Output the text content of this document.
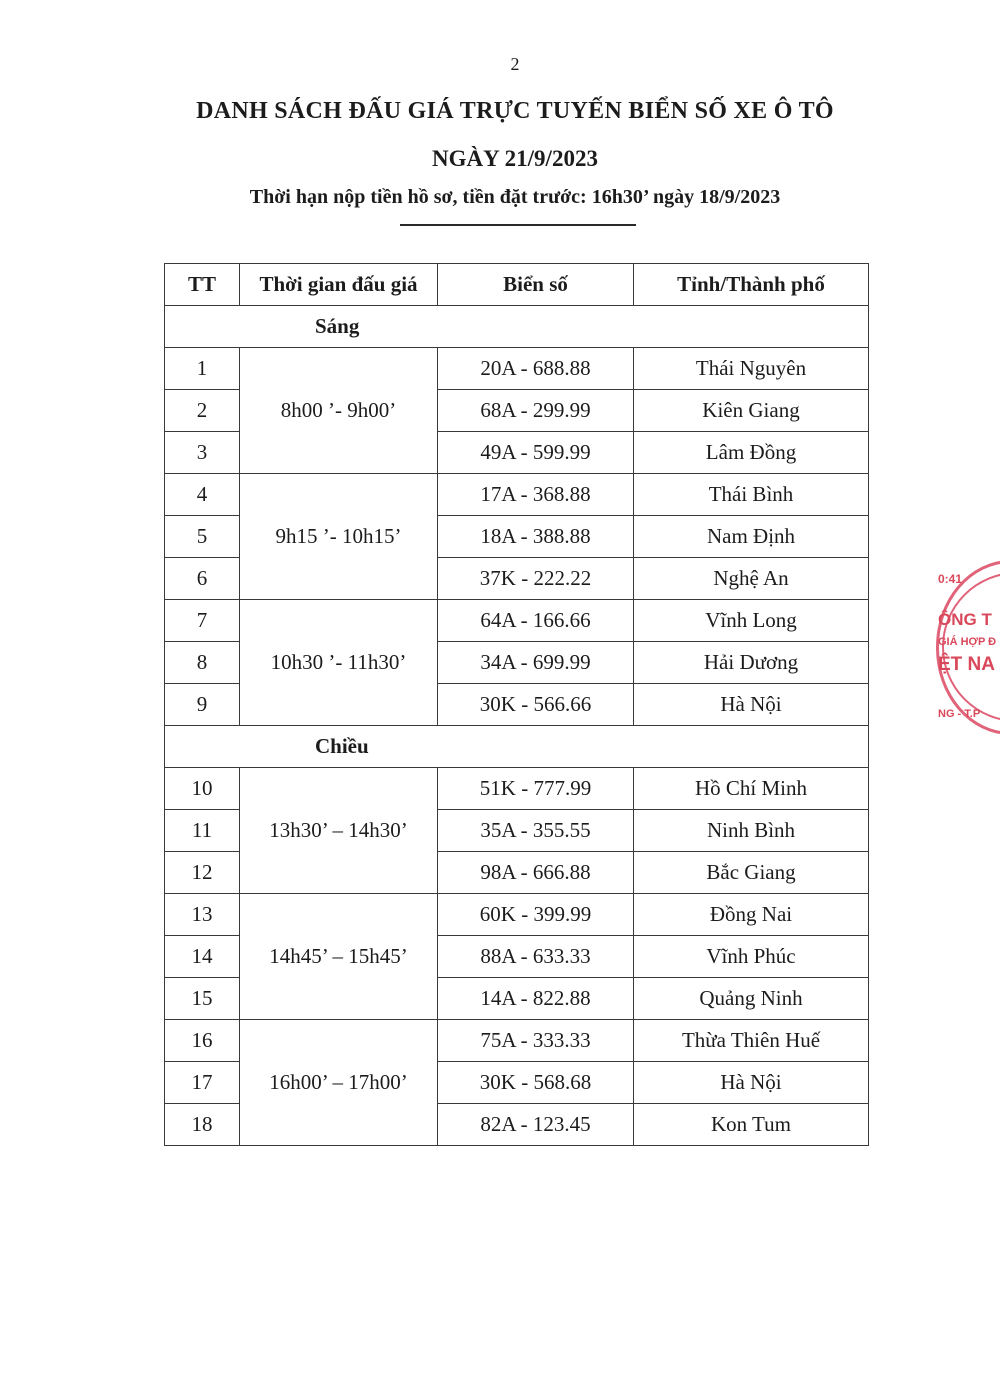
2
DANH SÁCH ĐẤU GIÁ TRỰC TUYẾN BIỂN SỐ XE Ô TÔ
NGÀY 21/9/2023
Thời hạn nộp tiền hồ sơ, tiền đặt trước: 16h30’ ngày 18/9/2023
TT	Thời gian đấu giá	Biển số	Tỉnh/Thành phố
Sáng			
1	8h00 ’- 9h00’	20A - 688.88	Thái Nguyên
2		68A - 299.99	Kiên Giang
3		49A - 599.99	Lâm Đồng
4	9h15 ’- 10h15’	17A - 368.88	Thái Bình
5		18A - 388.88	Nam Định
6		37K - 222.22	Nghệ An
7	10h30 ’- 11h30’	64A - 166.66	Vĩnh Long
8		34A - 699.99	Hải Dương
9		30K - 566.66	Hà Nội
Chiều			
10	13h30’ – 14h30’	51K - 777.99	Hồ Chí Minh
11		35A - 355.55	Ninh Bình
12		98A - 666.88	Bắc Giang
13	14h45’ – 15h45’	60K - 399.99	Đồng Nai
14		88A - 633.33	Vĩnh Phúc
15		14A - 822.88	Quảng Ninh
16	16h00’ – 17h00’	75A - 333.33	Thừa Thiên Huế
17		30K - 568.68	Hà Nội
18		82A - 123.45	Kon Tum
0:41
ÔNG T
GIÁ HỢP Đ
ỆT NA
NG - T.P
